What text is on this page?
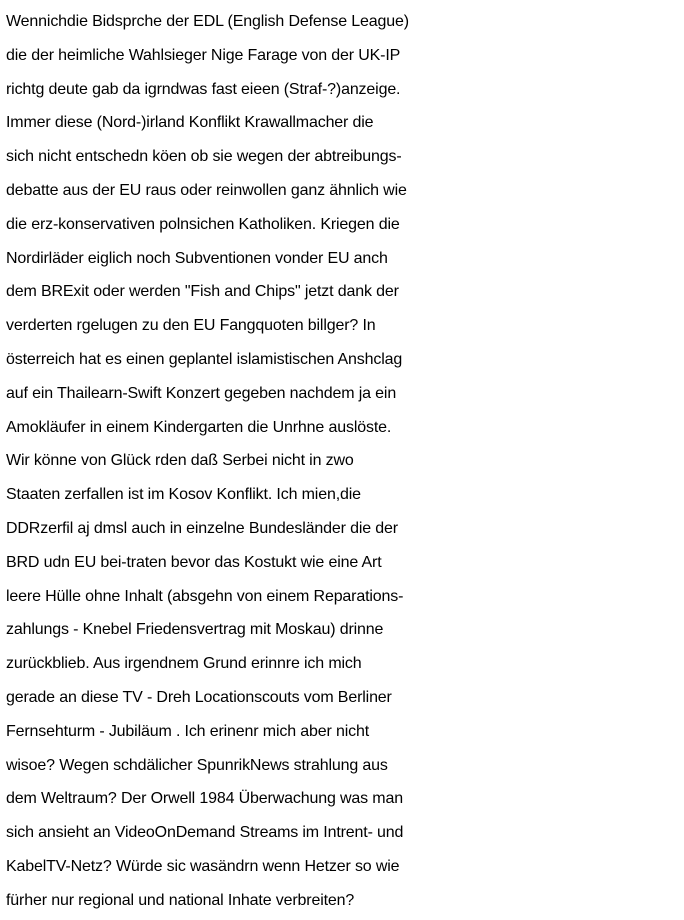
Wennichdie Bidsprche der EDL (English Defense League)
die der heimliche Wahlsieger Nige Farage von der UK-IP
richtg deute gab da igrndwas fast eieen (Straf-?)anzeige.
Immer diese (Nord-)irland Konflikt Krawallmacher die
sich nicht entschedn köen ob sie wegen der abtreibungs-
debatte aus der EU raus oder reinwollen ganz ähnlich wie
die erz-konservativen polnsichen Katholiken. Kriegen die
Nordirläder eiglich noch Subventionen vonder EU anch
dem BRExit oder werden "Fish and Chips" jetzt dank der
verderten rgelugen zu den EU Fangquoten billger? In
österreich hat es einen geplantel islamistischen Anshclag
auf ein Thailearn-Swift Konzert gegeben nachdem ja ein
Amokläufer in einem Kindergarten die Unrhne auslöste.
Wir könne von Glück rden daß Serbei nicht in zwo
Staaten zerfallen ist im Kosov Konflikt. Ich mien,die
DDRzerfil aj dmsl auch in einzelne Bundesländer die der
BRD udn EU bei-traten bevor das Kostukt wie eine Art
leere Hülle ohne Inhalt (absgehn von einem Reparations-
zahlungs - Knebel Friedensvertrag mit Moskau) drinne
zurückblieb. Aus irgendnem Grund erinnre ich mich
gerade an diese TV - Dreh Locationscouts vom Berliner
Fernsehturm - Jubiläum . Ich erinenr mich aber nicht
wisoe? Wegen schdälicher SpunrikNews strahlung aus
dem Weltraum? Der Orwell 1984 Überwachung was man
sich ansieht an VideoOnDemand Streams im Intrent- und
KabelTV-Netz? Würde sic wasändrn wenn Hetzer so wie
fürher nur regional und national Inhate verbreiten?
